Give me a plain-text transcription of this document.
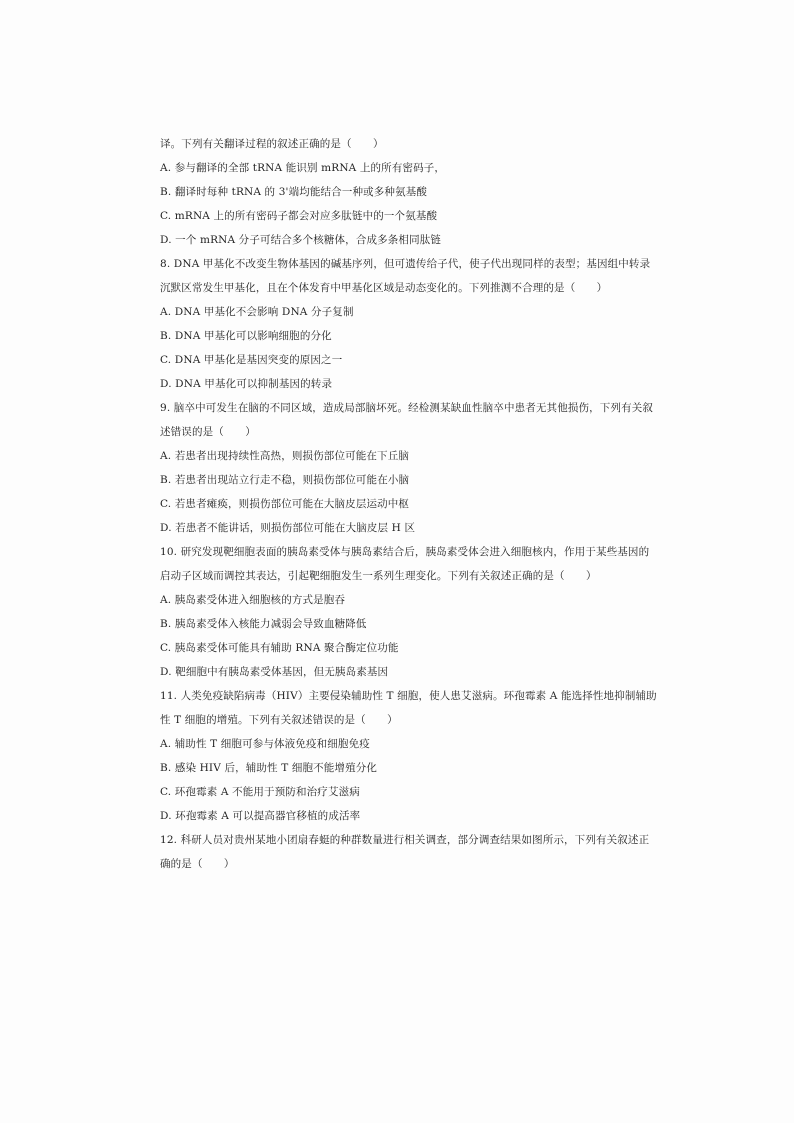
译。下列有关翻译过程的叙述正确的是（　　）
A. 参与翻译的全部 tRNA 能识别 mRNA 上的所有密码子，
B. 翻译时每种 tRNA 的 3'端均能结合一种或多种氨基酸
C. mRNA 上的所有密码子都会对应多肽链中的一个氨基酸
D. 一个 mRNA 分子可结合多个核糖体，合成多条相同肽链
8. DNA 甲基化不改变生物体基因的碱基序列，但可遗传给子代，使子代出现同样的表型；基因组中转录
沉默区常发生甲基化，且在个体发育中甲基化区域是动态变化的。下列推测不合理的是（　　）
A. DNA 甲基化不会影响 DNA 分子复制
B. DNA 甲基化可以影响细胞的分化
C. DNA 甲基化是基因突变的原因之一
D. DNA 甲基化可以抑制基因的转录
9. 脑卒中可发生在脑的不同区域，造成局部脑坏死。经检测某缺血性脑卒中患者无其他损伤，下列有关叙
述错误的是（　　）
A. 若患者出现持续性高热，则损伤部位可能在下丘脑
B. 若患者出现站立行走不稳，则损伤部位可能在小脑
C. 若患者瘫痪，则损伤部位可能在大脑皮层运动中枢
D. 若患者不能讲话，则损伤部位可能在大脑皮层 H 区
10. 研究发现靶细胞表面的胰岛素受体与胰岛素结合后，胰岛素受体会进入细胞核内，作用于某些基因的
启动子区域而调控其表达，引起靶细胞发生一系列生理变化。下列有关叙述正确的是（　　）
A. 胰岛素受体进入细胞核的方式是胞吞
B. 胰岛素受体入核能力减弱会导致血糖降低
C. 胰岛素受体可能具有辅助 RNA 聚合酶定位功能
D. 靶细胞中有胰岛素受体基因，但无胰岛素基因
11. 人类免疫缺陷病毒（HIV）主要侵染辅助性 T 细胞，使人患艾滋病。环孢霉素 A 能选择性地抑制辅助
性 T 细胞的增殖。下列有关叙述错误的是（　　）
A. 辅助性 T 细胞可参与体液免疫和细胞免疫
B. 感染 HIV 后，辅助性 T 细胞不能增殖分化
C. 环孢霉素 A 不能用于预防和治疗艾滋病
D. 环孢霉素 A 可以提高器官移植的成活率
12. 科研人员对贵州某地小团扇春蜓的种群数量进行相关调查，部分调查结果如图所示，下列有关叙述正
确的是（　　）
